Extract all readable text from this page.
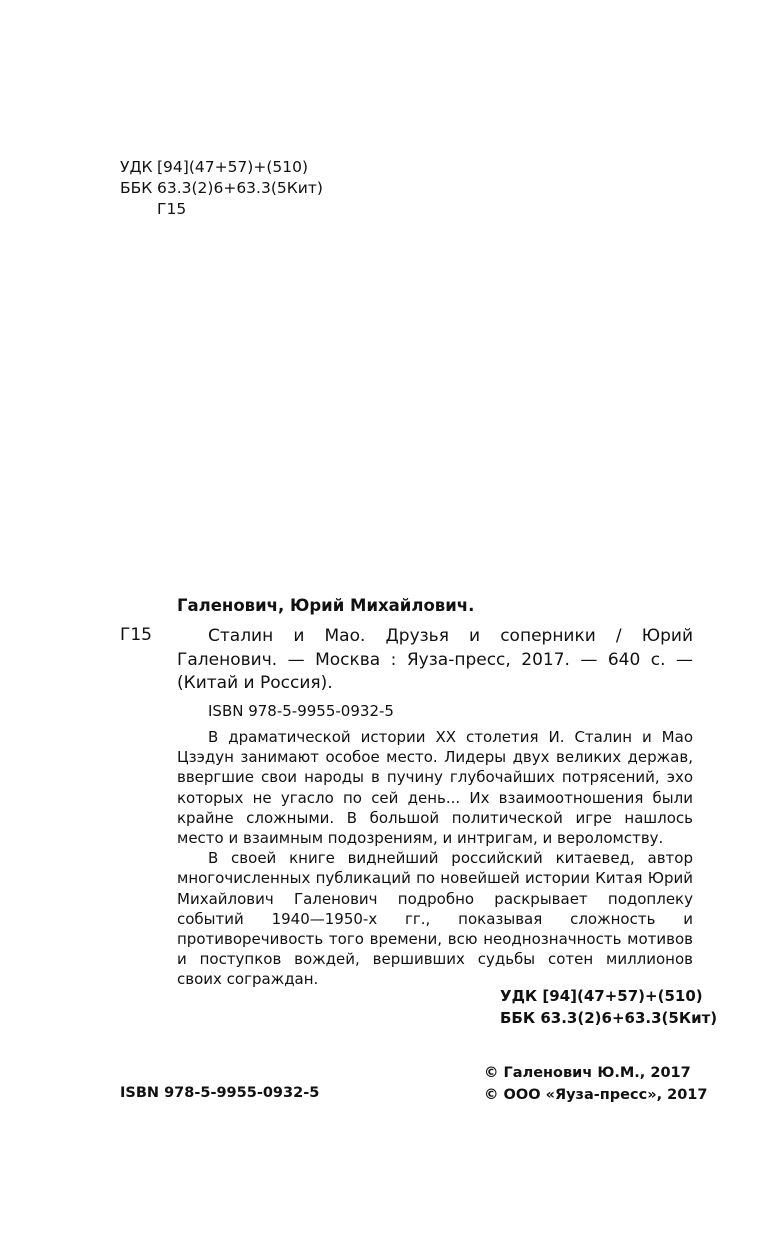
УДК [94](47+57)+(510)
ББК 63.3(2)6+63.3(5Кит)
Г15
Галенович, Юрий Михайлович.
Г15	Сталин и Мао. Друзья и соперники / Юрий Галенович. — Москва : Яуза-пресс, 2017. — 640 с. — (Китай и Россия).
ISBN 978-5-9955-0932-5

В драматической истории XX столетия И. Сталин и Мао Цзэдун занимают особое место. Лидеры двух великих держав, ввергшие свои народы в пучину глубочайших потрясений, эхо которых не угасло по сей день... Их взаимоотношения были крайне сложными. В большой политической игре нашлось место и взаимным подозрениям, и интригам, и вероломству.

В своей книге виднейший российский китаевед, автор многочисленных публикаций по новейшей истории Китая Юрий Михайлович Галенович подробно раскрывает подоплеку событий 1940—1950-х гг., показывая сложность и противоречивость того времени, всю неоднозначность мотивов и поступков вождей, вершивших судьбы сотен миллионов своих сограждан.

УДК [94](47+57)+(510)
ББК 63.3(2)6+63.3(5Кит)
ISBN 978-5-9955-0932-5
© Галенович Ю.М., 2017
© ООО «Яуза-пресс», 2017
